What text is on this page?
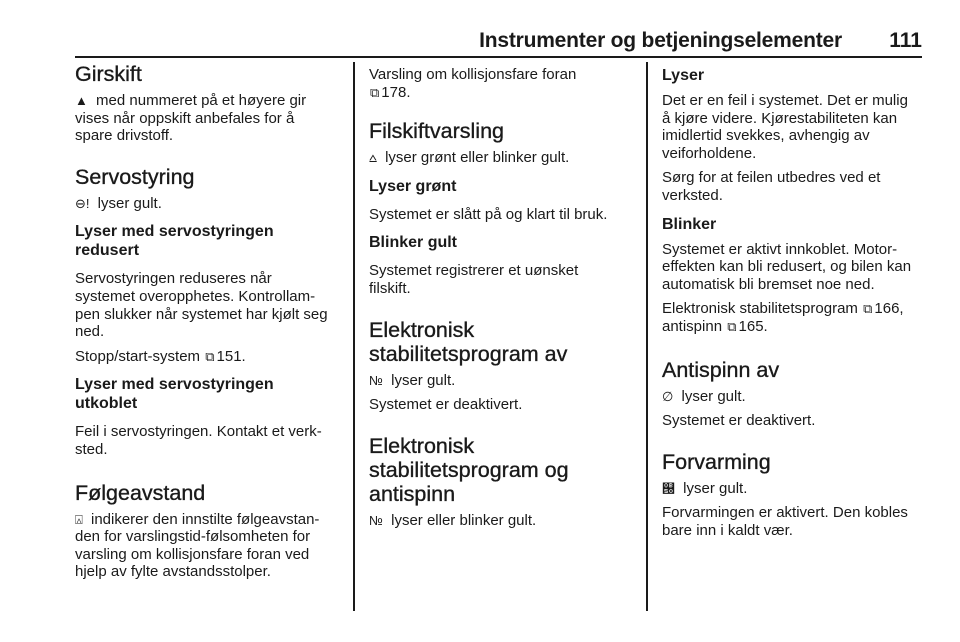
Instrumenter og betjeningselementer 111
Girskift

▲ med nummeret på et høyere gir

vises når oppskift anbefales for å

spare drivstoff.

Servostyring

⊖! lyser gult.

Lyser med servostyringen
redusert

Servostyringen reduseres når

systemet overopphetes. Kontrollam-

pen slukker når systemet har kjølt seg

ned.

Stopp/start-system ⧉ 151.

Lyser med servostyringen
utkoblet

Feil i servostyringen. Kontakt et verk-

sted.

Følgeavstand

⍓ indikerer den innstilte følgeavstan-

den for varslingstid-følsomheten for

varsling om kollisjonsfare foran ved

hjelp av fylte avstandsstolper.

Varsling om kollisjonsfare foran

⧉ 178.

Filskiftvarsling

⩟ lyser grønt eller blinker gult.

Lyser grønt

Systemet er slått på og klart til bruk.

Blinker gult

Systemet registrerer et uønsket

filskift.

Elektronisk
stabilitetsprogram av

№ lyser gult.

Systemet er deaktivert.

Elektronisk
stabilitetsprogram og
antispinn

№ lyser eller blinker gult.

Lyser

Det er en feil i systemet. Det er mulig

å kjøre videre. Kjørestabiliteten kan

imidlertid svekkes, avhengig av

veiforholdene.

Sørg for at feilen utbedres ved et

verksted.

Blinker

Systemet er aktivt innkoblet. Motor-

effekten kan bli redusert, og bilen kan

automatisk bli bremset noe ned.

Elektronisk stabilitetsprogram ⧉ 166,

antispinn ⧉ 165.

Antispinn av

∅ lyser gult.

Systemet er deaktivert.

Forvarming

୐ lyser gult.

Forvarmingen er aktivert. Den kobles

bare inn i kaldt vær.
